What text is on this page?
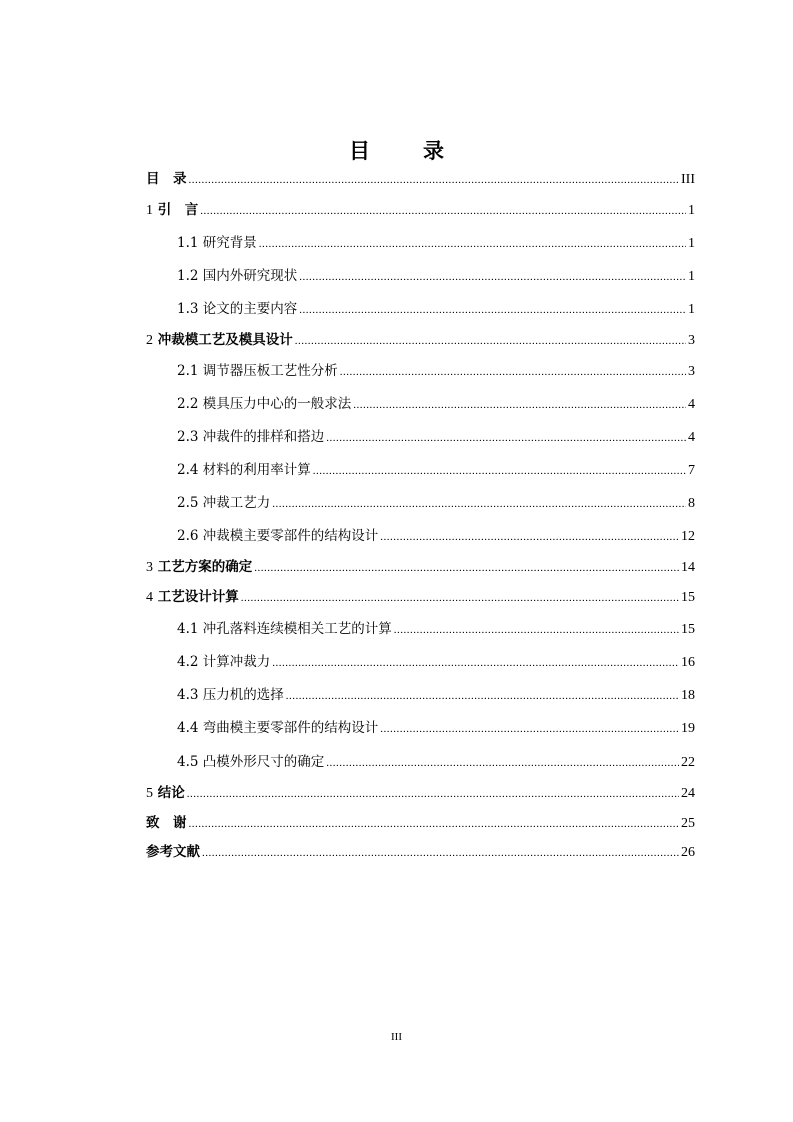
目　录
目　录 .....	III
1 引　言 .....	1
1.1 研究背景 .....	1
1.2 国内外研究现状 .....	1
1.3 论文的主要内容 .....	1
2 冲裁模工艺及模具设计 .....	3
2.1 调节器压板工艺性分析 .....	3
2.2 模具压力中心的一般求法 .....	4
2.3 冲裁件的排样和搭边 .....	4
2.4 材料的利用率计算 .....	7
2.5 冲裁工艺力 .....	8
2.6 冲裁模主要零部件的结构设计 .....	12
3 工艺方案的确定 .....	14
4 工艺设计计算 .....	15
4.1 冲孔落料连续模相关工艺的计算 .....	15
4.2 计算冲裁力 .....	16
4.3 压力机的选择 .....	18
4.4 弯曲模主要零部件的结构设计 .....	19
4.5 凸模外形尺寸的确定 .....	22
5 结论 .....	24
致　谢 .....	25
参考文献 .....	26
III
